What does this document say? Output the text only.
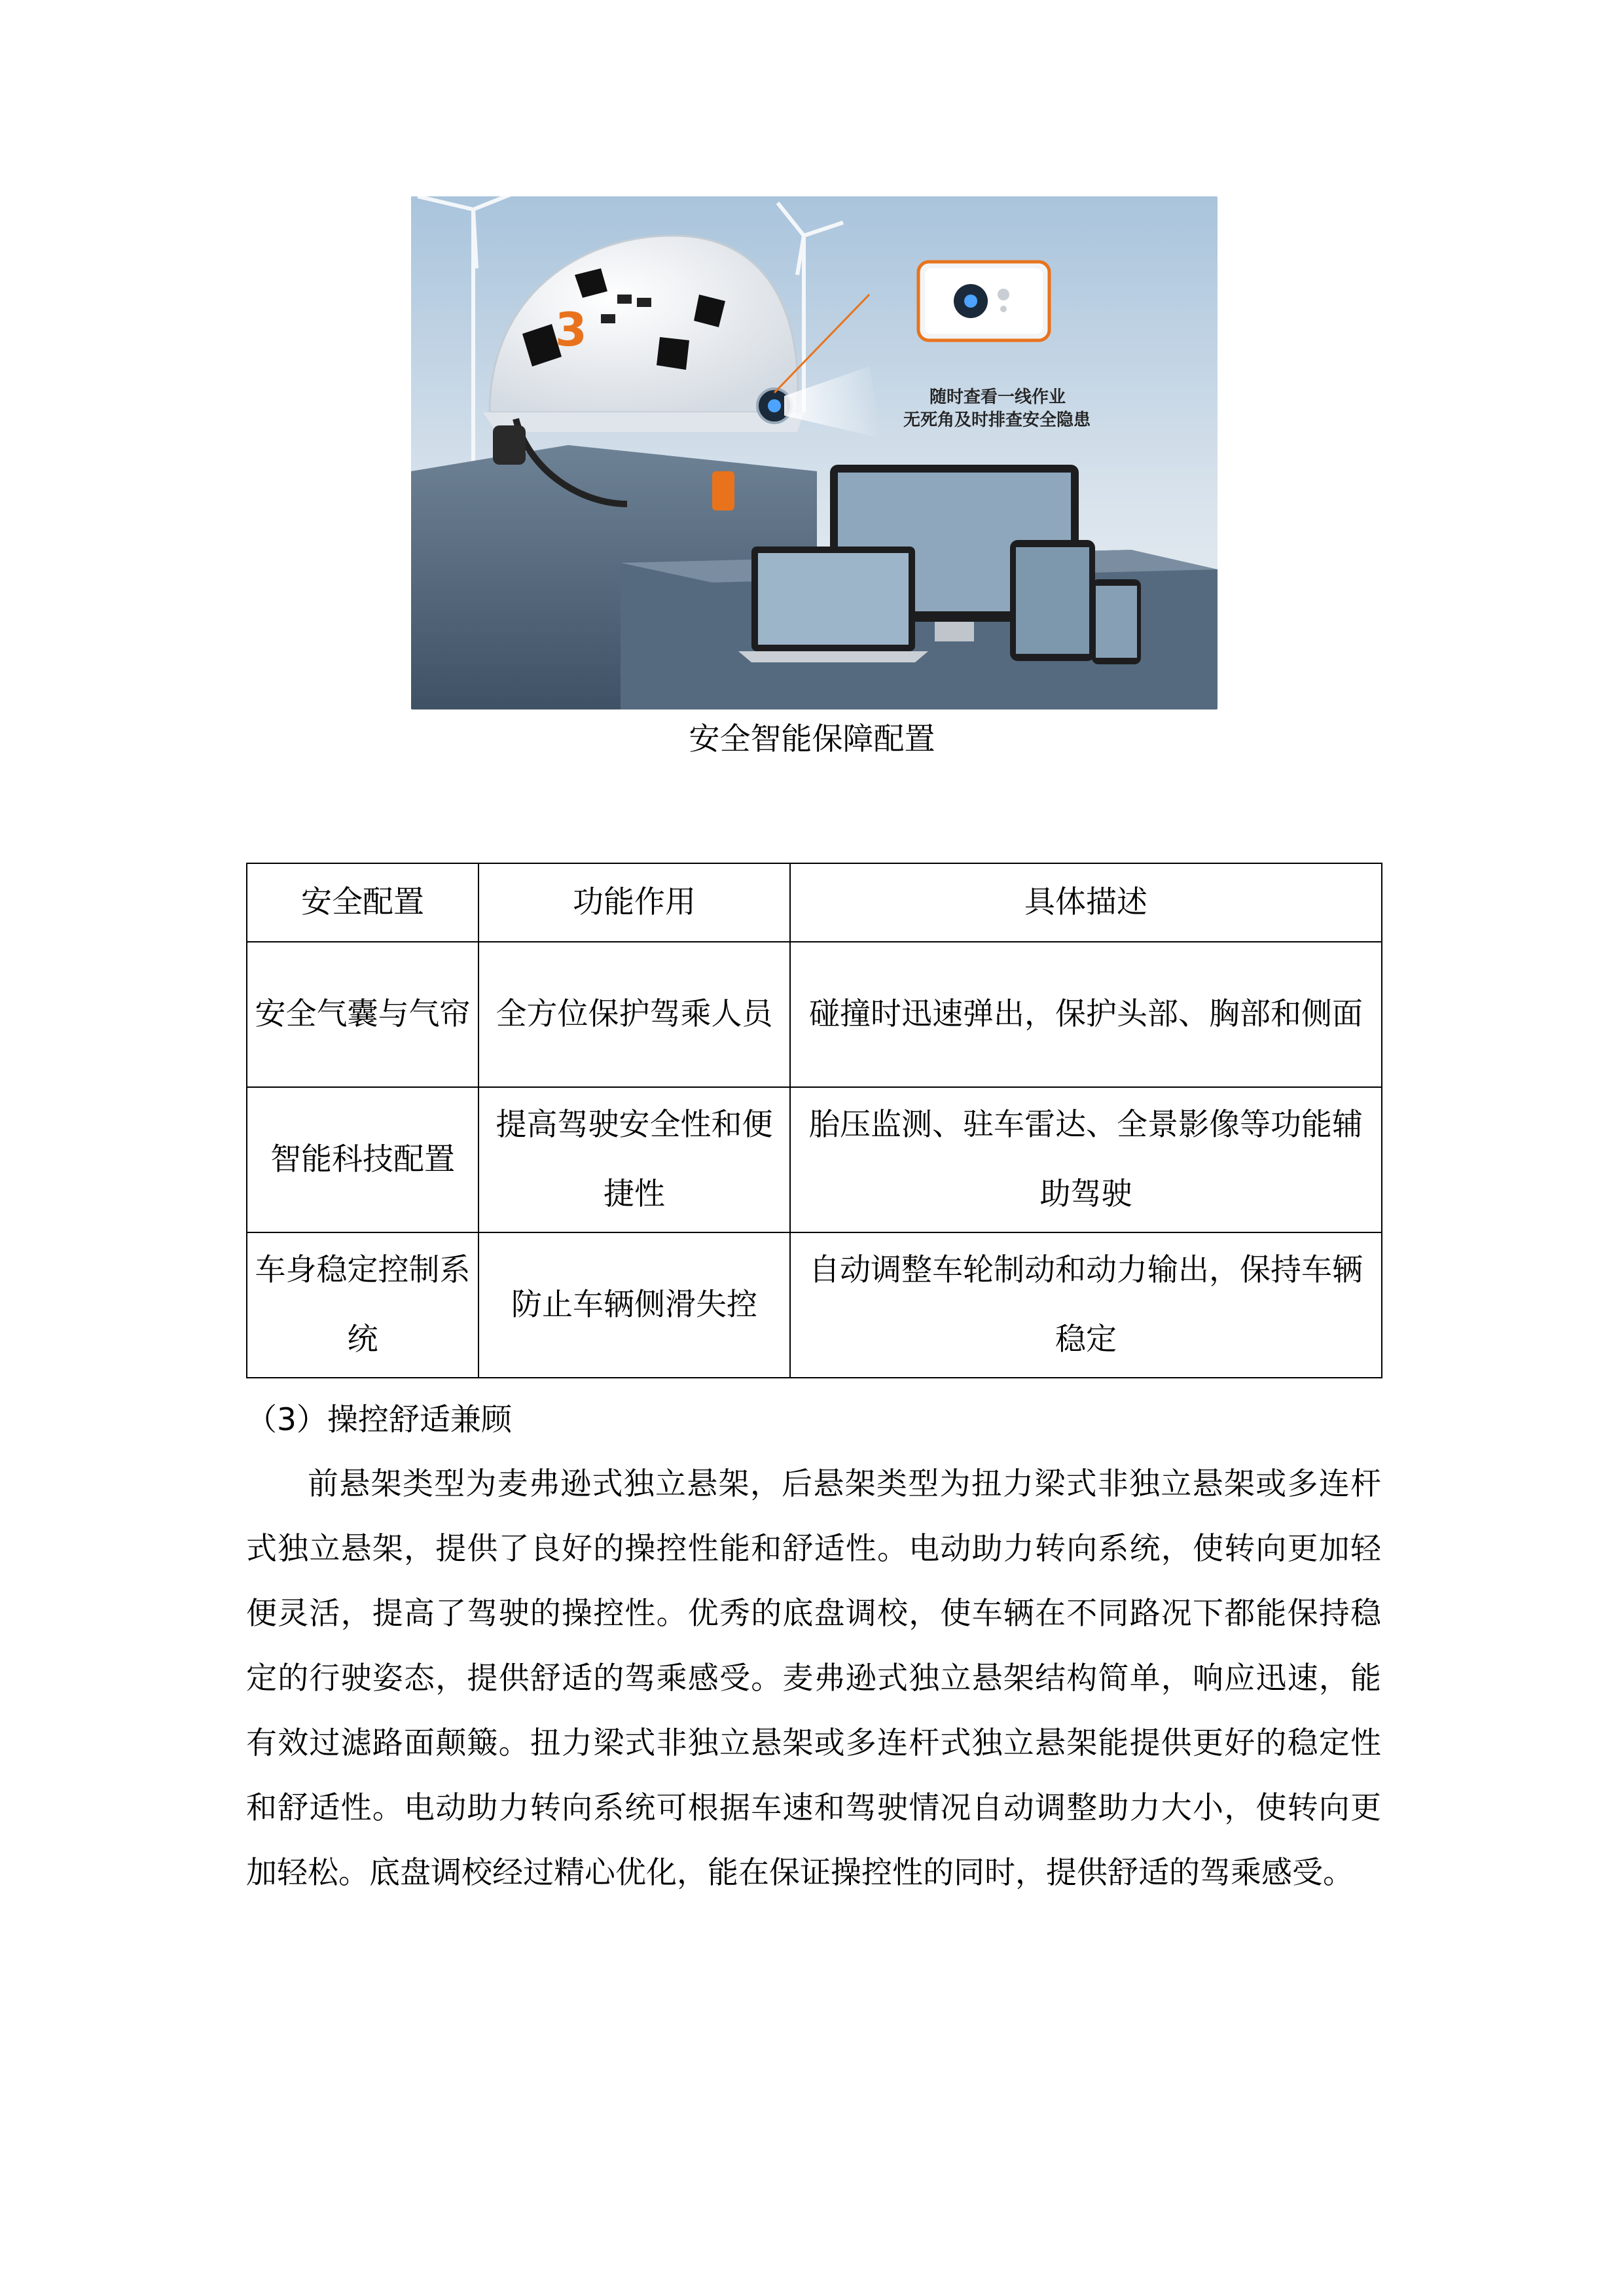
3
随时查看一线作业
无死角及时排查安全隐患
安全智能保障配置
安全配置	功能作用	具体描述
安全气囊与气帘	全方位保护驾乘人员	碰撞时迅速弹出，保护头部、胸部和侧面
智能科技配置	提高驾驶安全性和便捷性	胎压监测、驻车雷达、全景影像等功能辅助驾驶
车身稳定控制系统	防止车辆侧滑失控	自动调整车轮制动和动力输出，保持车辆稳定
（3）操控舒适兼顾
前悬架类型为麦弗逊式独立悬架，后悬架类型为扭力梁式非独立悬架或多连杆式独立悬架，提供了良好的操控性能和舒适性。电动助力转向系统，使转向更加轻便灵活，提高了驾驶的操控性。优秀的底盘调校，使车辆在不同路况下都能保持稳定的行驶姿态，提供舒适的驾乘感受。麦弗逊式独立悬架结构简单，响应迅速，能有效过滤路面颠簸。扭力梁式非独立悬架或多连杆式独立悬架能提供更好的稳定性和舒适性。电动助力转向系统可根据车速和驾驶情况自动调整助力大小，使转向更加轻松。底盘调校经过精心优化，能在保证操控性的同时，提供舒适的驾乘感受。
